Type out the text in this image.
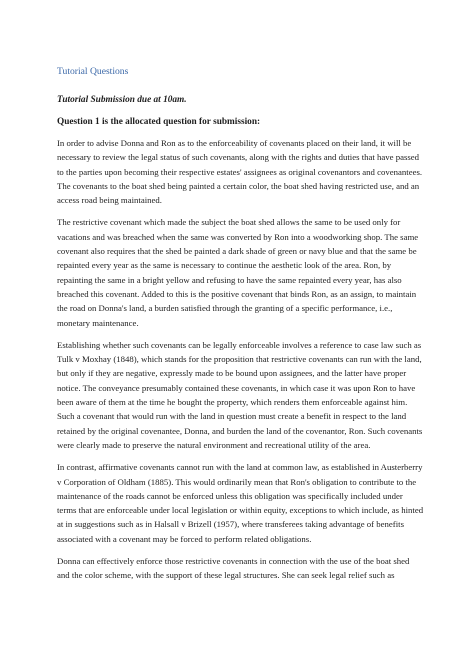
Tutorial Questions
Tutorial Submission due at 10am.
Question 1 is the allocated question for submission:

In order to advise Donna and Ron as to the enforceability of covenants placed on their land, it will be necessary to review the legal status of such covenants, along with the rights and duties that have passed to the parties upon becoming their respective estates' assignees as original covenantors and covenantees. The covenants to the boat shed being painted a certain color, the boat shed having restricted use, and an access road being maintained.

The restrictive covenant which made the subject the boat shed allows the same to be used only for vacations and was breached when the same was converted by Ron into a woodworking shop. The same covenant also requires that the shed be painted a dark shade of green or navy blue and that the same be repainted every year as the same is necessary to continue the aesthetic look of the area. Ron, by repainting the same in a bright yellow and refusing to have the same repainted every year, has also breached this covenant. Added to this is the positive covenant that binds Ron, as an assign, to maintain the road on Donna's land, a burden satisfied through the granting of a specific performance, i.e., monetary maintenance.

Establishing whether such covenants can be legally enforceable involves a reference to case law such as Tulk v Moxhay (1848), which stands for the proposition that restrictive covenants can run with the land, but only if they are negative, expressly made to be bound upon assignees, and the latter have proper notice. The conveyance presumably contained these covenants, in which case it was upon Ron to have been aware of them at the time he bought the property, which renders them enforceable against him. Such a covenant that would run with the land in question must create a benefit in respect to the land retained by the original covenantee, Donna, and burden the land of the covenantor, Ron. Such covenants were clearly made to preserve the natural environment and recreational utility of the area.

In contrast, affirmative covenants cannot run with the land at common law, as established in Austerberry v Corporation of Oldham (1885). This would ordinarily mean that Ron's obligation to contribute to the maintenance of the roads cannot be enforced unless this obligation was specifically included under terms that are enforceable under local legislation or within equity, exceptions to which include, as hinted at in suggestions such as in Halsall v Brizell (1957), where transferees taking advantage of benefits associated with a covenant may be forced to perform related obligations.

Donna can effectively enforce those restrictive covenants in connection with the use of the boat shed and the color scheme, with the support of these legal structures. She can seek legal relief such as
